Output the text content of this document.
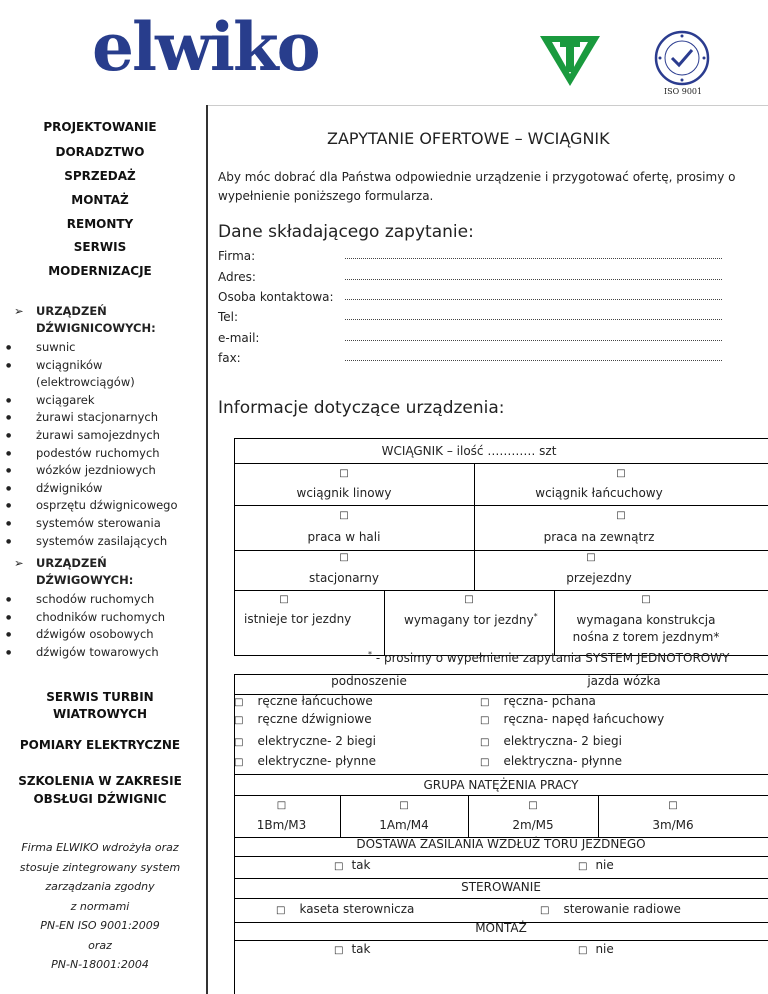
elwiko
ISO 9001
PROJEKTOWANIE
DORADZTWO
SPRZEDAŻ
MONTAŻ
REMONTY
SERWIS
MODERNIZACJE
➢ URZĄDZEŃ
DŹWIGNICOWYCH:
● suwnic
● wciągników (elektrowciągów)
● wciągarek
● żurawi stacjonarnych
● żurawi samojezdnych
● podestów ruchomych
● wózków jezdniowych
● dźwigników
● osprzętu dźwignicowego
● systemów sterowania
● systemów zasilających
➢ URZĄDZEŃ
DŹWIGOWYCH:
● schodów ruchomych
● chodników ruchomych
● dźwigów osobowych
● dźwigów towarowych
SERWIS TURBIN
WIATROWYCH
POMIARY ELEKTRYCZNE
SZKOLENIA W ZAKRESIE
OBSŁUGI DŹWIGNIC
Firma ELWIKO wdrożyła oraz
stosuje zintegrowany system
zarządzania zgodny
z normami
PN-EN ISO 9001:2009
oraz
PN-N-18001:2004
ZAPYTANIE OFERTOWE – WCIĄGNIK
Aby móc dobrać dla Państwa odpowiednie urządzenie i przygotować ofertę, prosimy o wypełnienie poniższego formularza.
Dane składającego zapytanie:
Firma:
Adres:
Osoba kontaktowa:
Tel:
e-mail:
fax:
Informacje dotyczące urządzenia:
WCIĄGNIK – ilość ………… szt
□	□
wciągnik linowy	wciągnik łańcuchowy
□	□
praca w hali	praca na zewnątrz
□	□
stacjonarny	przejezdny
□	□	□
istnieje tor jezdny	wymagany tor jezdny*	wymagana konstrukcja
nośna z torem jezdnym*
* - prosimy o wypełnienie zapytania SYSTEM JEDNOTOROWY
podnoszenie	jazda wózka
□ ręczne łańcuchowe	□ ręczna- pchana
□ ręczne dźwigniowe	□ ręczna- napęd łańcuchowy
□ elektryczne- 2 biegi	□ elektryczna- 2 biegi
□ elektryczne- płynne	□ elektryczna- płynne
GRUPA NATĘŻENIA PRACY
□	□	□	□
1Bm/M3	1Am/M4	2m/M5	3m/M6
DOSTAWA ZASILANIA WZDŁUŻ TORU JEZDNEGO
□ tak	□ nie
STEROWANIE
□ kaseta sterownicza	□ sterowanie radiowe
MONTAŻ
□ tak	□ nie
